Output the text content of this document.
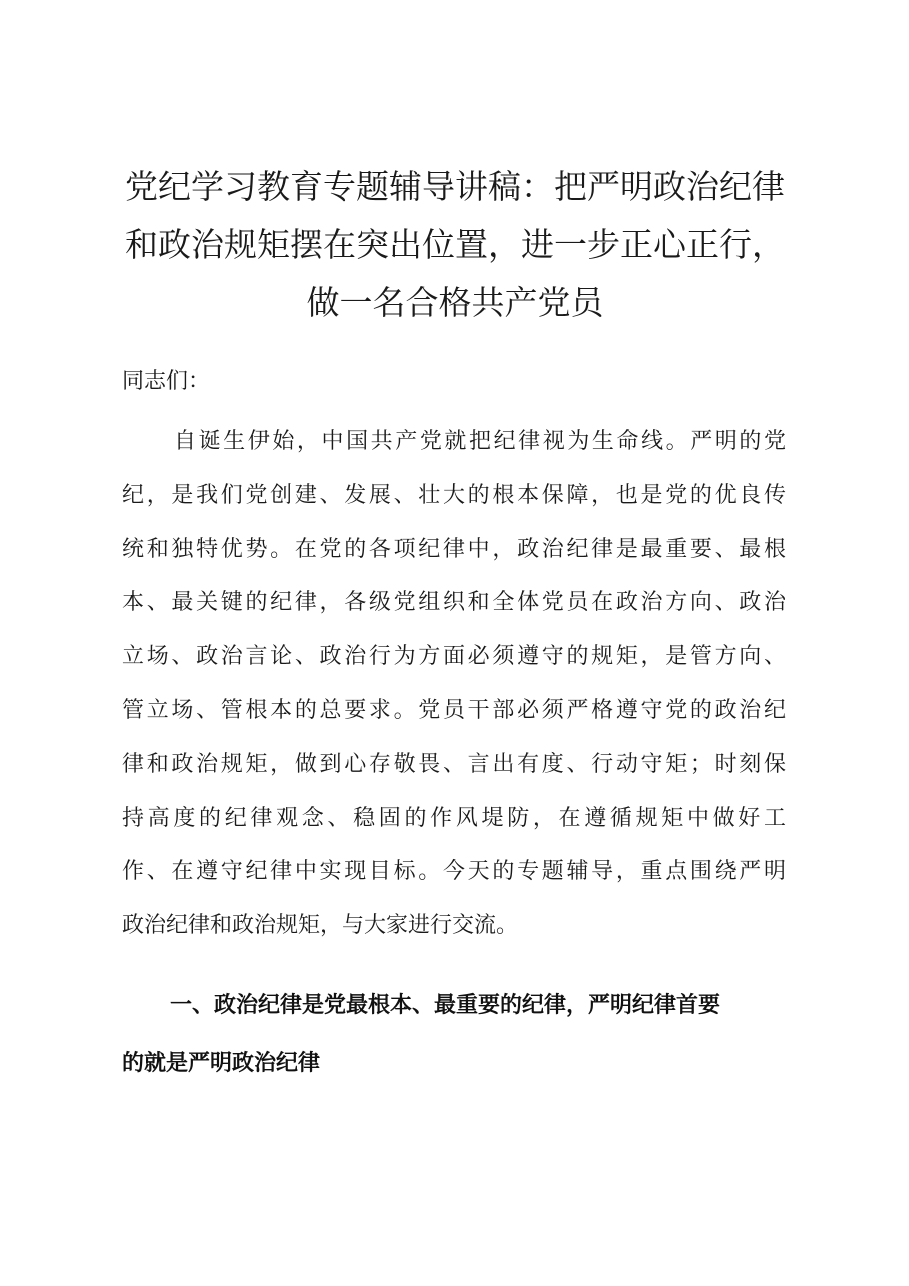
党纪学习教育专题辅导讲稿：把严明政治纪律
和政治规矩摆在突出位置，进一步正心正行，
做一名合格共产党员

同志们：

自诞生伊始，中国共产党就把纪律视为生命线。严明的党
纪，是我们党创建、发展、壮大的根本保障，也是党的优良传
统和独特优势。在党的各项纪律中，政治纪律是最重要、最根
本、最关键的纪律，各级党组织和全体党员在政治方向、政治
立场、政治言论、政治行为方面必须遵守的规矩，是管方向、
管立场、管根本的总要求。党员干部必须严格遵守党的政治纪
律和政治规矩，做到心存敬畏、言出有度、行动守矩；时刻保
持高度的纪律观念、稳固的作风堤防，在遵循规矩中做好工
作、在遵守纪律中实现目标。今天的专题辅导，重点围绕严明
政治纪律和政治规矩，与大家进行交流。
一、政治纪律是党最根本、最重要的纪律，严明纪律首要
的就是严明政治纪律
